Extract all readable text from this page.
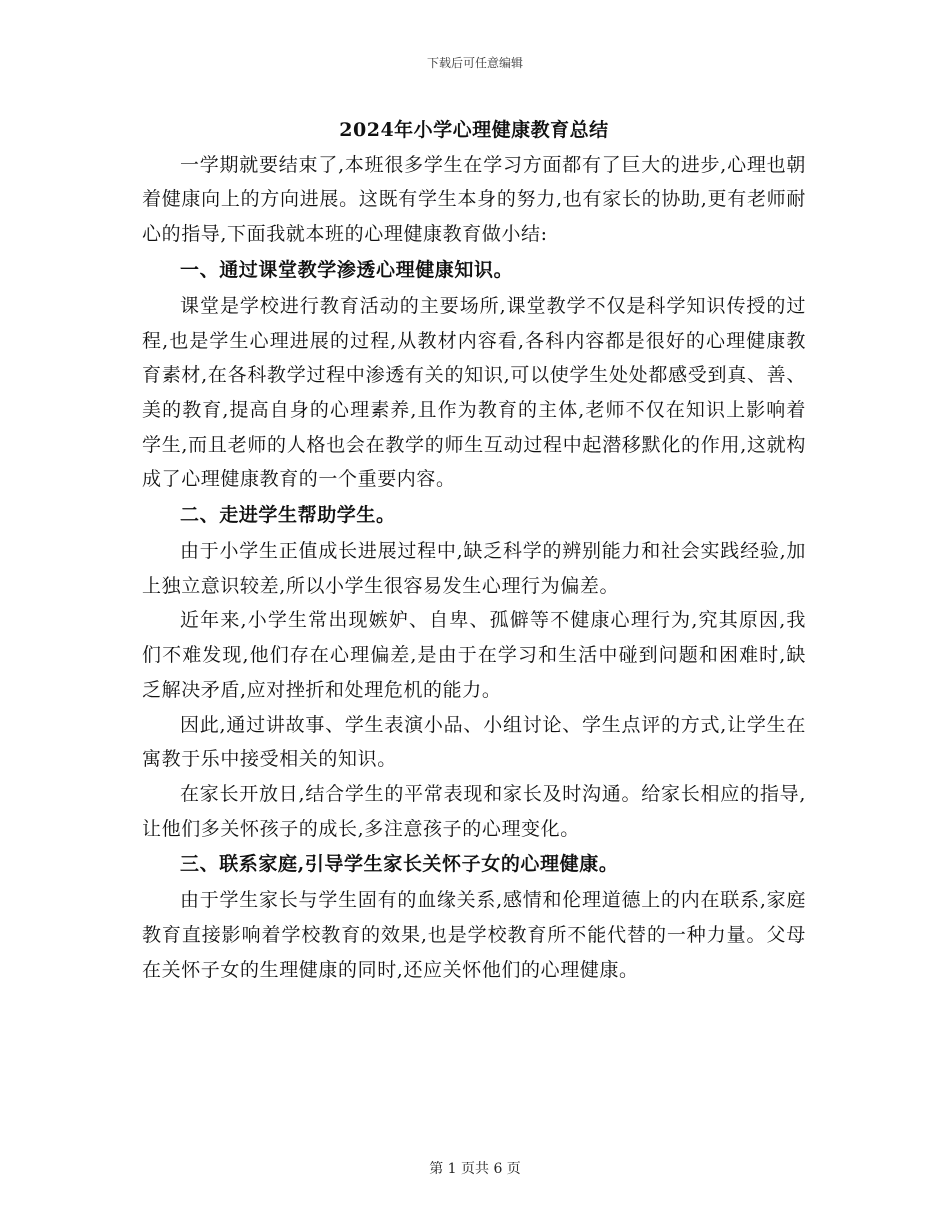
下载后可任意编辑
2024年小学心理健康教育总结

一学期就要结束了,本班很多学生在学习方面都有了巨大的进步,心理也朝着健康向上的方向进展。这既有学生本身的努力,也有家长的协助,更有老师耐心的指导,下面我就本班的心理健康教育做小结:

一、通过课堂教学渗透心理健康知识。

课堂是学校进行教育活动的主要场所,课堂教学不仅是科学知识传授的过程,也是学生心理进展的过程,从教材内容看,各科内容都是很好的心理健康教育素材,在各科教学过程中渗透有关的知识,可以使学生处处都感受到真、善、美的教育,提高自身的心理素养,且作为教育的主体,老师不仅在知识上影响着学生,而且老师的人格也会在教学的师生互动过程中起潜移默化的作用,这就构成了心理健康教育的一个重要内容。

二、走进学生帮助学生。

由于小学生正值成长进展过程中,缺乏科学的辨别能力和社会实践经验,加上独立意识较差,所以小学生很容易发生心理行为偏差。

近年来,小学生常出现嫉妒、自卑、孤僻等不健康心理行为,究其原因,我们不难发现,他们存在心理偏差,是由于在学习和生活中碰到问题和困难时,缺乏解决矛盾,应对挫折和处理危机的能力。

因此,通过讲故事、学生表演小品、小组讨论、学生点评的方式,让学生在寓教于乐中接受相关的知识。

在家长开放日,结合学生的平常表现和家长及时沟通。给家长相应的指导,让他们多关怀孩子的成长,多注意孩子的心理变化。

三、联系家庭,引导学生家长关怀子女的心理健康。

由于学生家长与学生固有的血缘关系,感情和伦理道德上的内在联系,家庭教育直接影响着学校教育的效果,也是学校教育所不能代替的一种力量。父母在关怀子女的生理健康的同时,还应关怀他们的心理健康。

第 1 页共 6 页
